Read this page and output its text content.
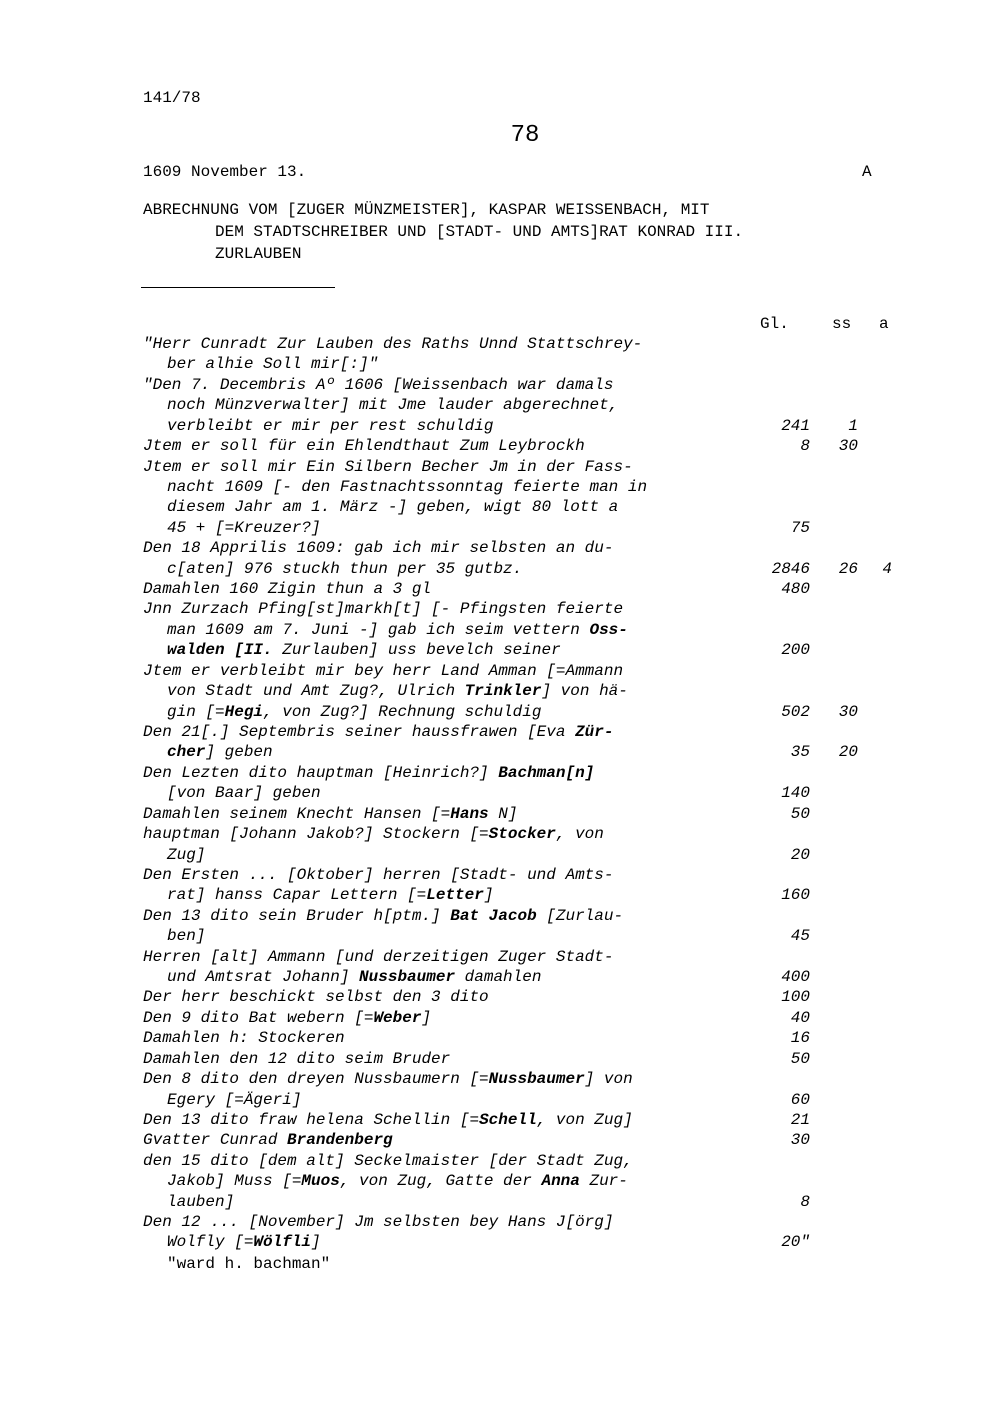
141/78
78
1609 November 13.	A
ABRECHNUNG VOM [ZUGER MÜNZMEISTER], KASPAR WEISSENBACH, MIT
DEM STADTSCHREIBER UND [STADT- UND AMTS]RAT KONRAD III.
ZURLAUBEN
Gl.	ss a
"Herr Cunradt Zur Lauben des Raths Unnd Stattschrey-
ber alhie Soll mir[:]"
"Den 7. Decembris Aº 1606 [Weissenbach war damals
noch Münzverwalter] mit Jme lauder abgerechnet,
verbleibt er mir per rest schuldig	241	1
Jtem er soll für ein Ehlendthaut Zum Leybrockh	8	30
Jtem er soll mir Ein Silbern Becher Jm in der Fass-
nacht 1609 [- den Fastnachtssonntag feierte man in
diesem Jahr am 1. März -] geben, wigt 80 lott a
45 + [=Kreuzer?]	75
Den 18 Apprilis 1609: gab ich mir selbsten an du-
c[aten] 976 stuckh thun per 35 gutbz.	2846	26	4
Damahlen 160 Zigin thun a 3 gl	480
Jnn Zurzach Pfing[st]markh[t] [- Pfingsten feierte
man 1609 am 7. Juni -] gab ich seim vettern Oss-
walden [II. Zurlauben] uss bevelch seiner	200
Jtem er verbleibt mir bey herr Land Amman [=Ammann
von Stadt und Amt Zug?, Ulrich Trinkler] von hä-
gin [=Hegi, von Zug?] Rechnung schuldig	502	30
Den 21[.] Septembris seiner haussfrawen [Eva Zür-
cher] geben	35	20
Den Lezten dito hauptman [Heinrich?] Bachman[n]
[von Baar] geben	140
Damahlen seinem Knecht Hansen [=Hans N]	50
hauptman [Johann Jakob?] Stockern [=Stocker, von
Zug]	20
Den Ersten ... [Oktober] herren [Stadt- und Amts-
rat] hanss Capar Lettern [=Letter]	160
Den 13 dito sein Bruder h[ptm.] Bat Jacob [Zurlau-
ben]	45
Herren [alt] Ammann [und derzeitigen Zuger Stadt-
und Amtsrat Johann] Nussbaumer damahlen	400
Der herr beschickt selbst den 3 dito	100
Den 9 dito Bat webern [=Weber]	40
Damahlen h: Stockeren	16
Damahlen den 12 dito seim Bruder	50
Den 8 dito den dreyen Nussbaumern [=Nussbaumer] von
Egery [=Ägeri]	60
Den 13 dito fraw helena Schellin [=Schell, von Zug]	21
Gvatter Cunrad Brandenberg	30
den 15 dito [dem alt] Seckelmaister [der Stadt Zug,
Jakob] Muss [=Muos, von Zug, Gatte der Anna Zur-
lauben]	8
Den 12 ... [November] Jm selbsten bey Hans J[örg]
Wolfly [=Wölfli]	20"
"ward h. bachman"
